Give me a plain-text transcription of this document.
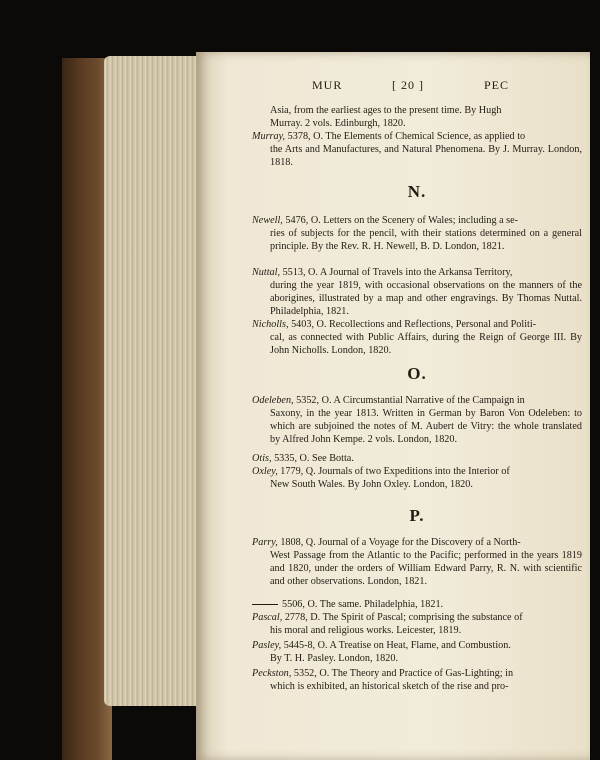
MUR	[ 20 ]	PEC
Asia, from the earliest ages to the present time. By Hugh
Murray. 2 vols. Edinburgh, 1820.
Murray, 5378, O. The Elements of Chemical Science, as applied to
the Arts and Manufactures, and Natural Phenomena. By J. Murray. London, 1818.
N.
Newell, 5476, O. Letters on the Scenery of Wales; including a se-
ries of subjects for the pencil, with their stations determined on a general principle. By the Rev. R. H. Newell, B. D. London, 1821.
Nuttal, 5513, O. A Journal of Travels into the Arkansa Territory,
during the year 1819, with occasional observations on the manners of the aborigines, illustrated by a map and other engravings. By Thomas Nuttal. Philadelphia, 1821.
Nicholls, 5403, O. Recollections and Reflections, Personal and Politi-
cal, as connected with Public Affairs, during the Reign of George III. By John Nicholls. London, 1820.
O.
Odeleben, 5352, O. A Circumstantial Narrative of the Campaign in
Saxony, in the year 1813. Written in German by Baron Von Odeleben: to which are subjoined the notes of M. Aubert de Vitry: the whole translated by Alfred John Kempe. 2 vols. London, 1820.
Otis, 5335, O. See Botta.
Oxley, 1779, Q. Journals of two Expeditions into the Interior of
New South Wales. By John Oxley. London, 1820.
P.
Parry, 1808, Q. Journal of a Voyage for the Discovery of a North-
West Passage from the Atlantic to the Pacific; performed in the years 1819 and 1820, under the orders of William Edward Parry, R. N. with scientific and other observations. London, 1821.
5506, O. The same. Philadelphia, 1821.
Pascal, 2778, D. The Spirit of Pascal; comprising the substance of
his moral and religious works. Leicester, 1819.
Pasley, 5445-8, O. A Treatise on Heat, Flame, and Combustion.
By T. H. Pasley. London, 1820.
Peckston, 5352, O. The Theory and Practice of Gas-Lighting; in
which is exhibited, an historical sketch of the rise and pro-
